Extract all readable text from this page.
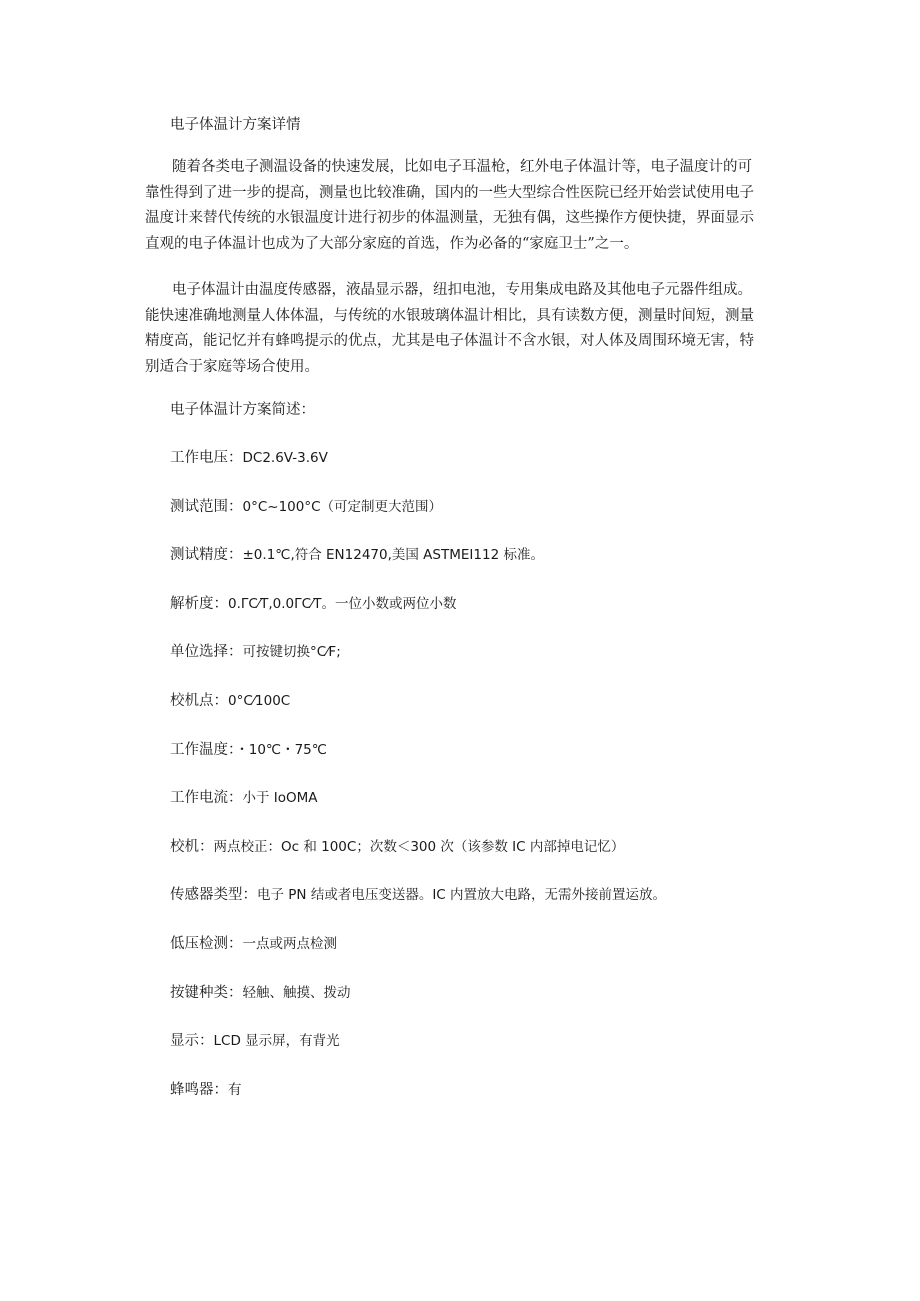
电子体温计方案详情
随着各类电子测温设备的快速发展，比如电子耳温枪，红外电子体温计等，电子温度计的可
靠性得到了进一步的提高，测量也比较准确，国内的一些大型综合性医院已经开始尝试使用电子
温度计来替代传统的水银温度计进行初步的体温测量，无独有偶，这些操作方便快捷，界面显示
直观的电子体温计也成为了大部分家庭的首选，作为必备的“家庭卫士”之一。
电子体温计由温度传感器，液晶显示器，纽扣电池，专用集成电路及其他电子元器件组成。
能快速准确地测量人体体温，与传统的水银玻璃体温计相比，具有读数方便，测量时间短，测量
精度高，能记忆并有蜂鸣提示的优点，尤其是电子体温计不含水银，对人体及周围环境无害，特
别适合于家庭等场合使用。
电子体温计方案简述：
工作电压：DC2.6V-3.6V
测试范围：0°C~100°C（可定制更大范围）
测试精度：±0.1℃,符合 EN12470,美国 ASTMEI112 标准。
解析度：0.ΓC⁄T,0.0ΓC⁄T。一位小数或两位小数
单位选择：可按键切换°C⁄F;
校机点：0°C⁄100C
工作温度：・10℃・75℃
工作电流：小于 IoOMA
校机：两点校正：Oc 和 100C；次数＜300 次（该参数 IC 内部掉电记忆）
传感器类型：电子 PN 结或者电压变送器。IC 内置放大电路，无需外接前置运放。
低压检测：一点或两点检测
按键种类：轻触、触摸、拨动
显示：LCD 显示屏，有背光
蜂鸣器：有
